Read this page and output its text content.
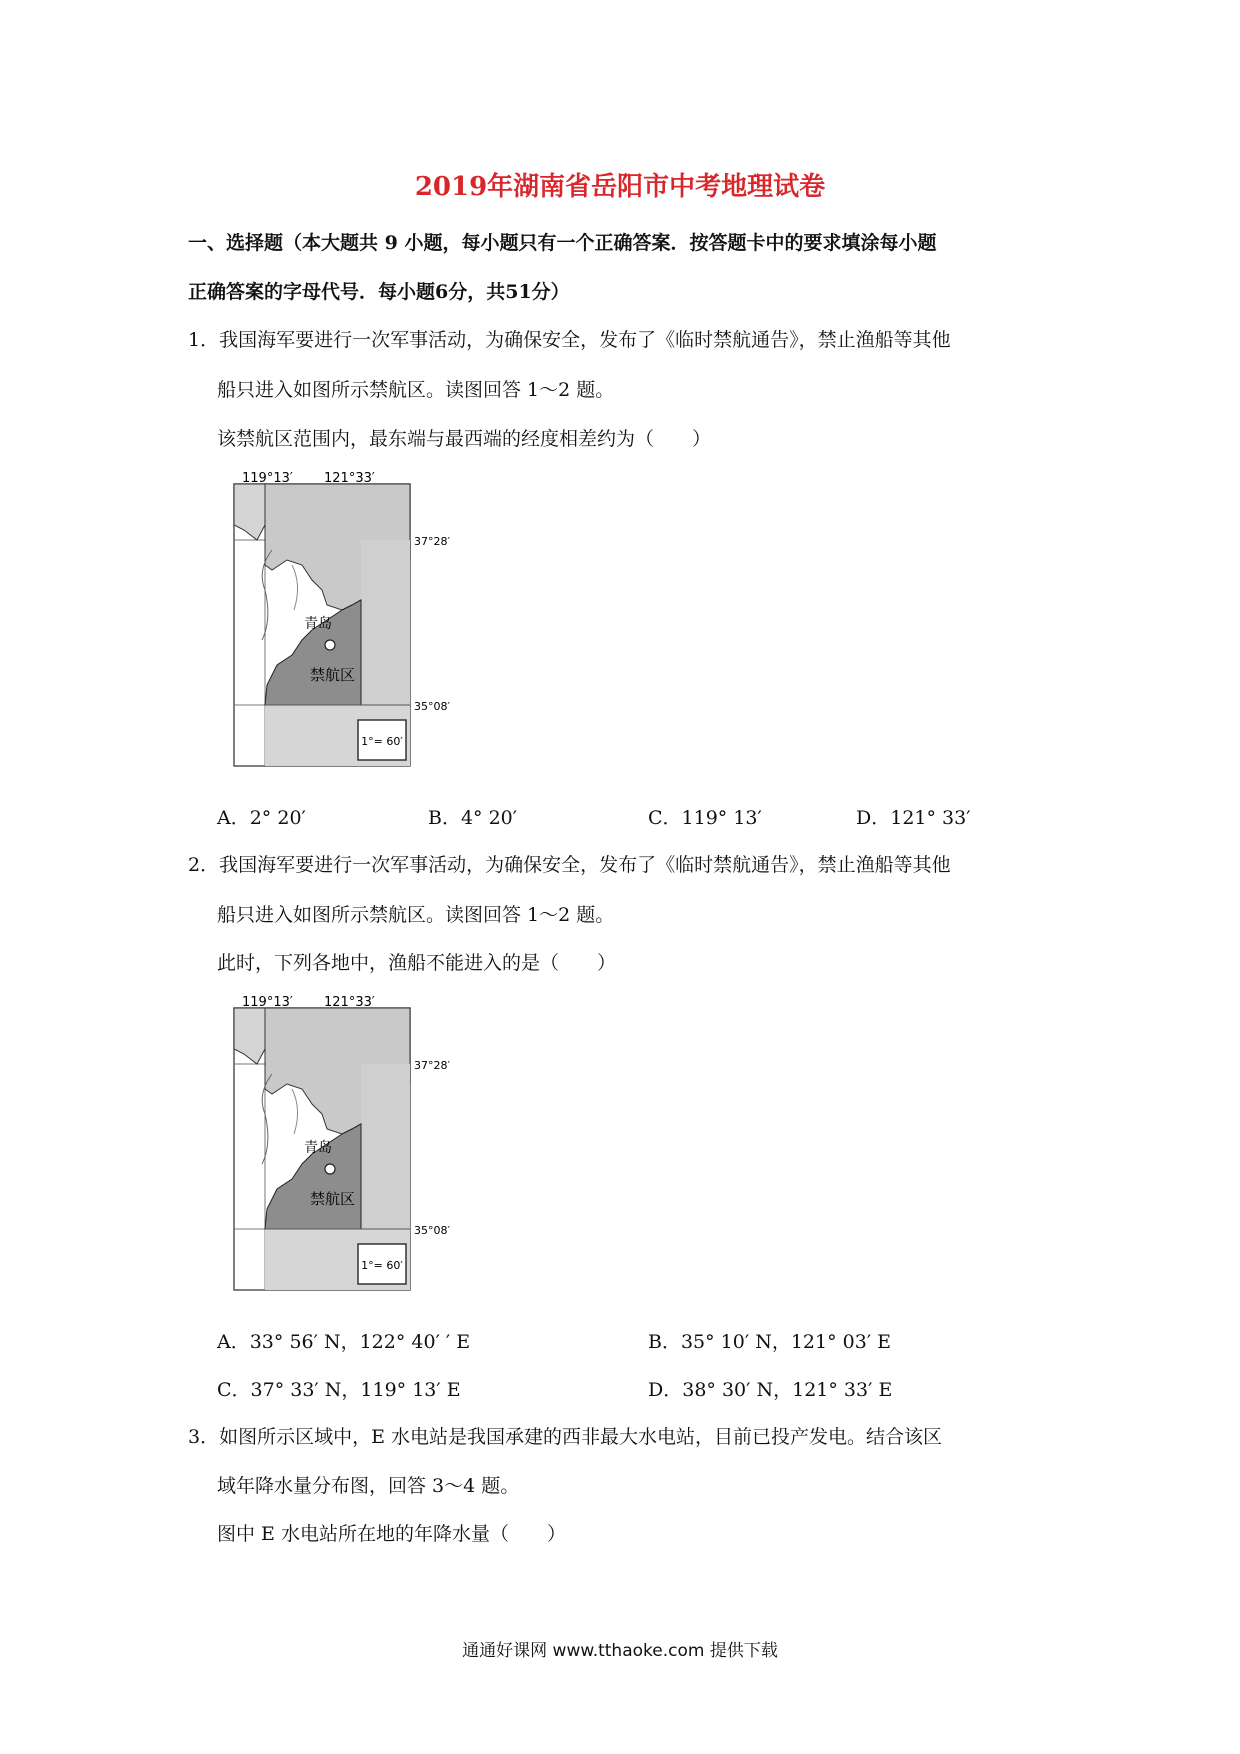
2019年湖南省岳阳市中考地理试卷
一、选择题（本大题共 9 小题，每小题只有一个正确答案．按答题卡中的要求填涂每小题
正确答案的字母代号．每小题6分，共51分）
1．我国海军要进行一次军事活动，为确保安全，发布了《临时禁航通告》，禁止渔船等其他
船只进入如图所示禁航区。读图回答 1～2 题。
该禁航区范围内，最东端与最西端的经度相差约为（　　）
1°= 60′
119°13′ 121°33′
37°28′
35°08′
青岛
禁航区
A．2° 20′	B．4° 20′	C．119° 13′	D．121° 33′
2．我国海军要进行一次军事活动，为确保安全，发布了《临时禁航通告》，禁止渔船等其他
船只进入如图所示禁航区。读图回答 1～2 题。
此时，下列各地中，渔船不能进入的是（　　）
1°= 60′
119°13′ 121°33′
37°28′
35°08′
青岛
禁航区
A．33° 56′ N，122° 40′ ′ E	B．35° 10′ N，121° 03′ E
C．37° 33′ N，119° 13′ E	D．38° 30′ N，121° 33′ E
3．如图所示区域中，E 水电站是我国承建的西非最大水电站，目前已投产发电。结合该区
域年降水量分布图，回答 3～4 题。
图中 E 水电站所在地的年降水量（　　）
通通好课网 www.tthaoke.com 提供下载
